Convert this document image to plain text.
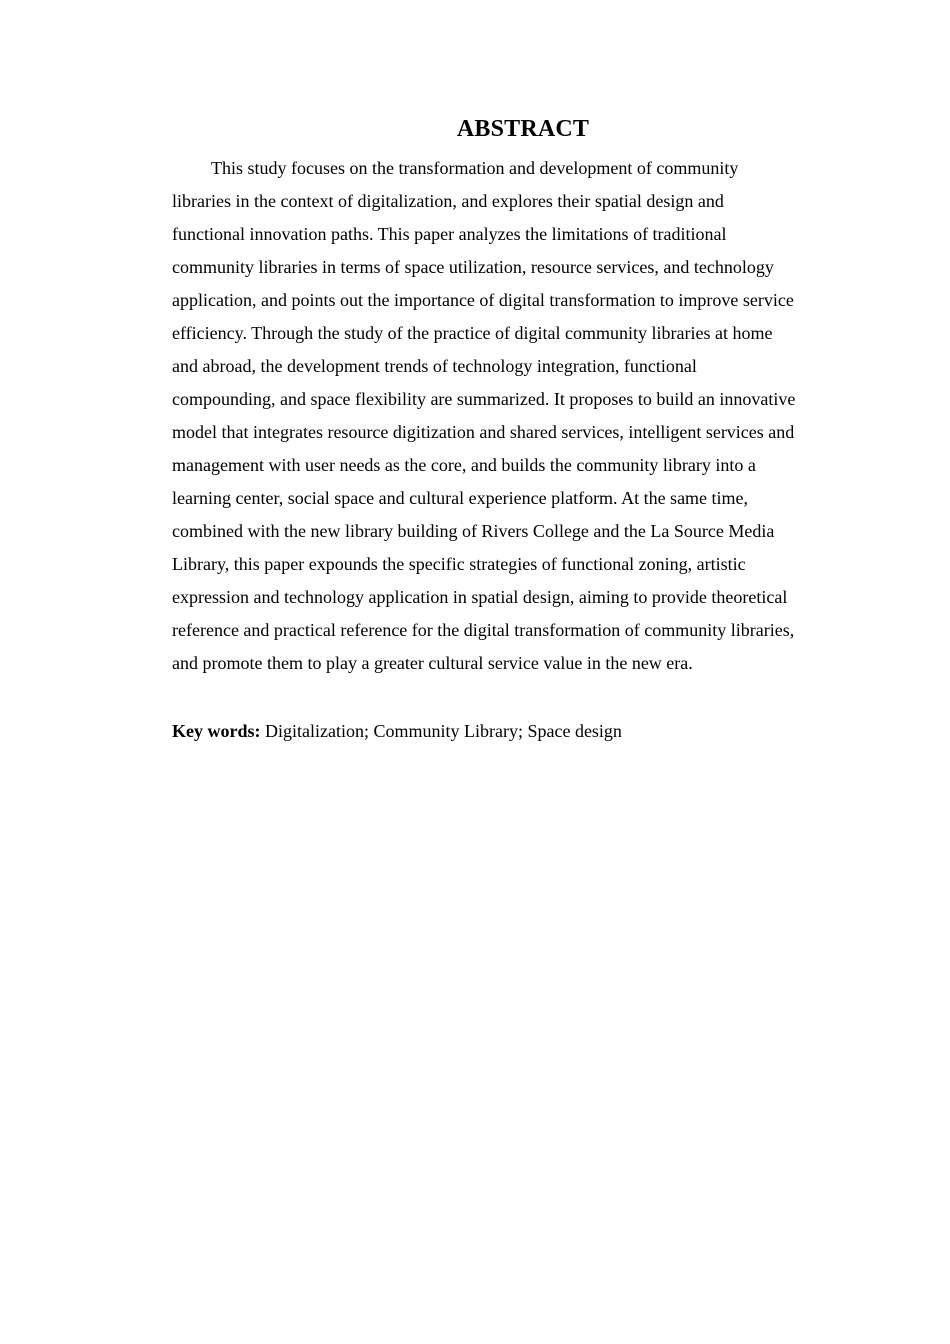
ABSTRACT
This study focuses on the transformation and development of community
libraries in the context of digitalization, and explores their spatial design and
functional innovation paths. This paper analyzes the limitations of traditional
community libraries in terms of space utilization, resource services, and technology
application, and points out the importance of digital transformation to improve service
efficiency. Through the study of the practice of digital community libraries at home
and abroad, the development trends of technology integration, functional
compounding, and space flexibility are summarized. It proposes to build an innovative
model that integrates resource digitization and shared services, intelligent services and
management with user needs as the core, and builds the community library into a
learning center, social space and cultural experience platform. At the same time,
combined with the new library building of Rivers College and the La Source Media
Library, this paper expounds the specific strategies of functional zoning, artistic
expression and technology application in spatial design, aiming to provide theoretical
reference and practical reference for the digital transformation of community libraries,
and promote them to play a greater cultural service value in the new era.
Key words: Digitalization; Community Library; Space design
